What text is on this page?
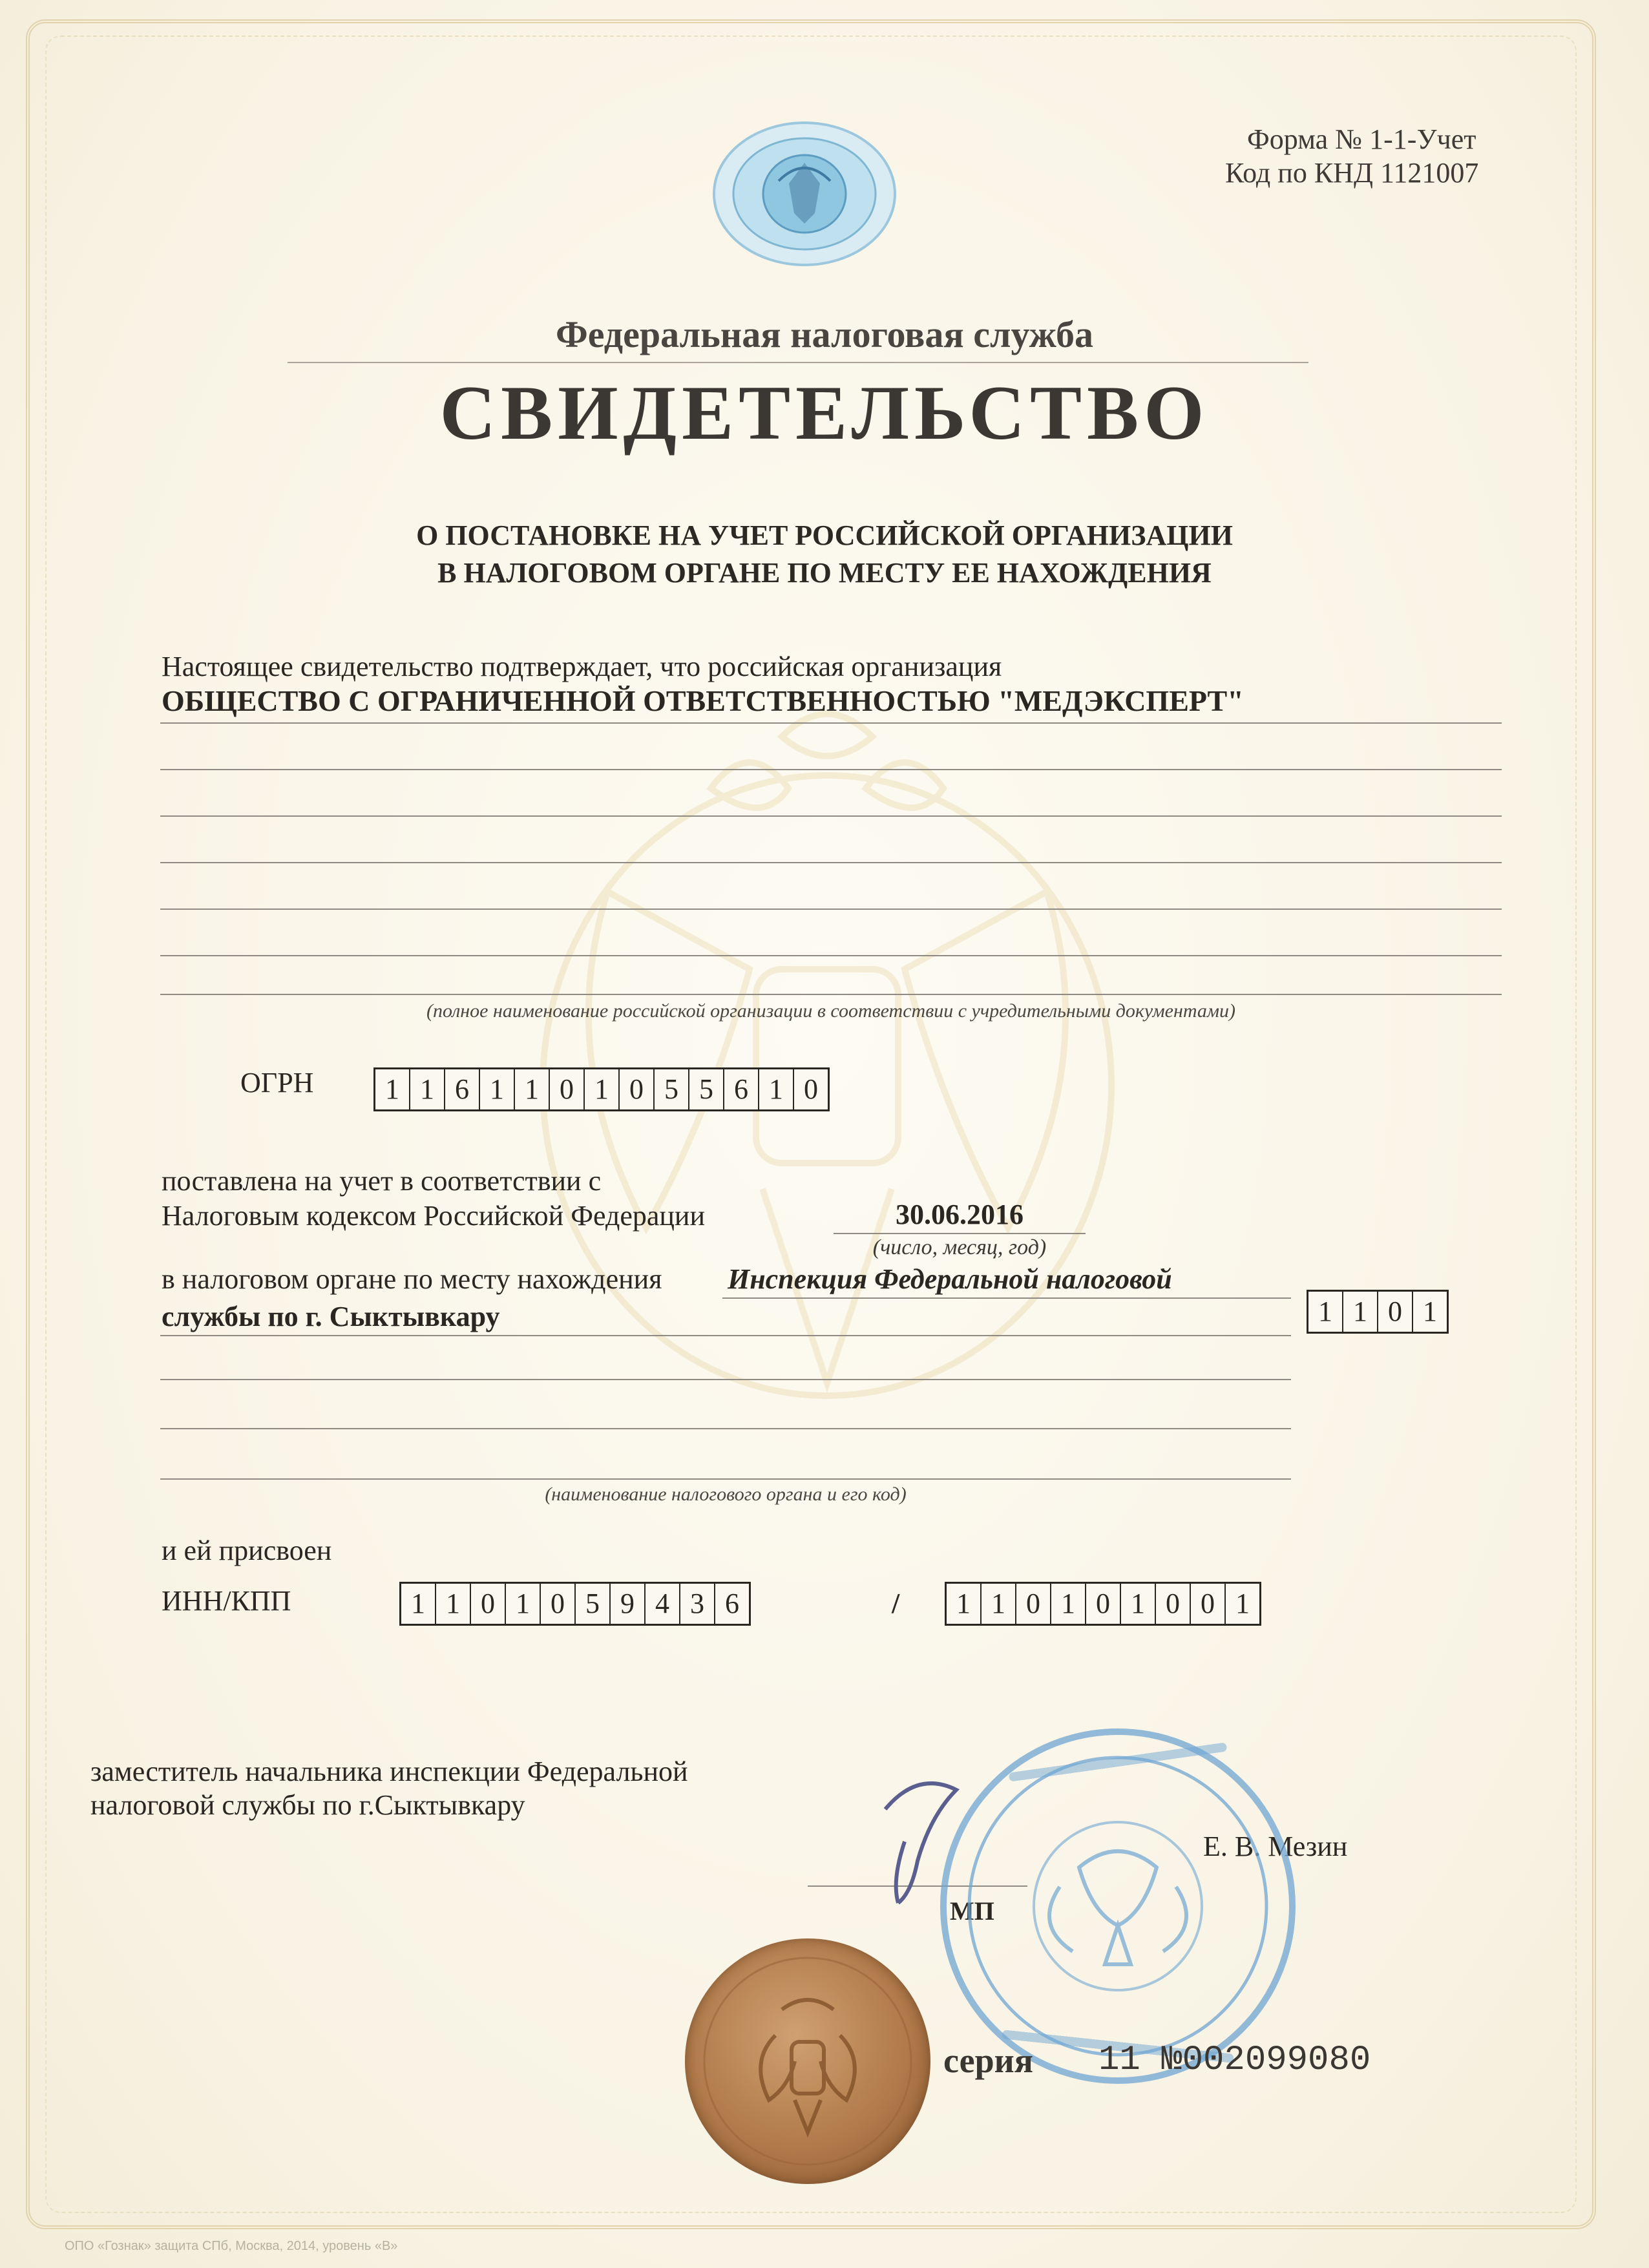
Форма № 1-1-Учет
Код по КНД 1121007
Федеральная налоговая служба
СВИДЕТЕЛЬСТВО
О ПОСТАНОВКЕ НА УЧЕТ РОССИЙСКОЙ ОРГАНИЗАЦИИ
В НАЛОГОВОМ ОРГАНЕ ПО МЕСТУ ЕЕ НАХОЖДЕНИЯ
Настоящее свидетельство подтверждает, что российская организация
ОБЩЕСТВО С ОГРАНИЧЕННОЙ ОТВЕТСТВЕННОСТЬЮ "МЕДЭКСПЕРТ"
(полное наименование российской организации в соответствии с учредительными документами)
ОГРН	1 1 6 1 1 0 1 0 5 5 6 1 0
поставлена на учет в соответствии с
Налоговым кодексом Российской Федерации	30.06.2016
(число, месяц, год)
в налоговом органе по месту нахождения Инспекция Федеральной налоговой
службы по г. Сыктывкару	1 1 0 1
(наименование налогового органа и его код)
и ей присвоен
ИНН/КПП	1 1 0 1 0 5 9 4 3 6	/	1 1 0 1 0 1 0 0 1
заместитель начальника инспекции Федеральной
налоговой службы по г.Сыктывкару
Е. В. Мезин
МП
серия 11 №002099080
ОПО «Гознак» защита СПб, Москва, 2014, уровень «В»
